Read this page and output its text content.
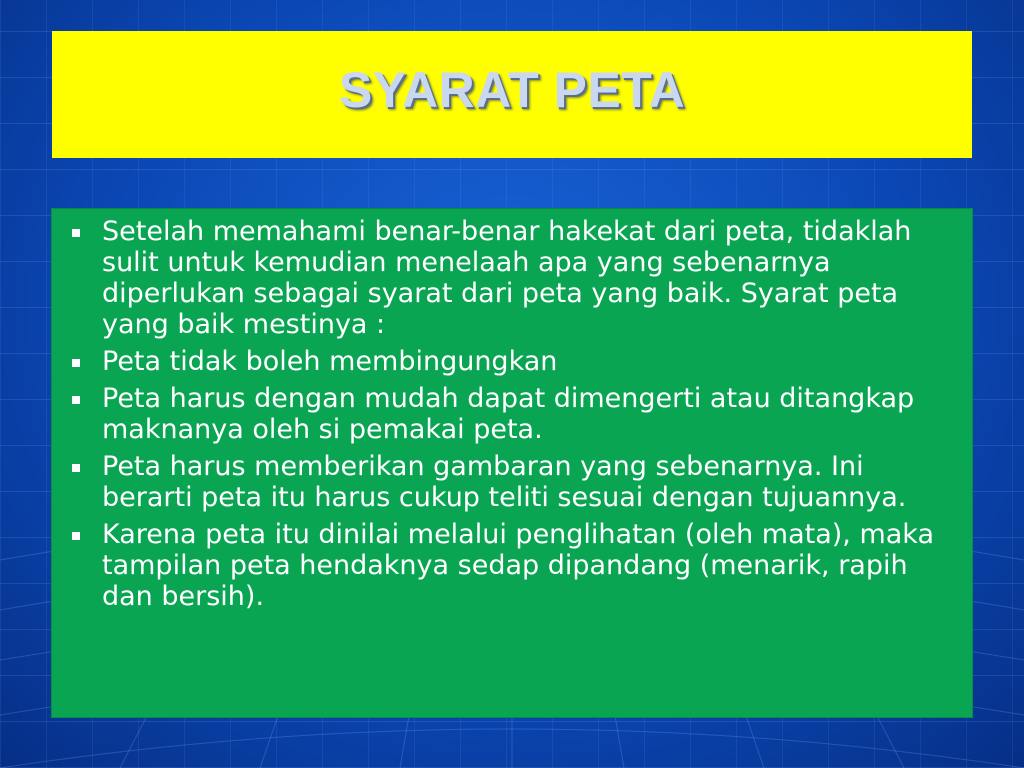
SYARAT PETA
Setelah memahami benar-benar hakekat dari peta, tidaklah sulit untuk kemudian menelaah apa yang sebenarnya diperlukan sebagai syarat dari peta yang baik. Syarat peta yang baik mestinya :
Peta tidak boleh membingungkan
Peta harus dengan mudah dapat dimengerti atau ditangkap maknanya oleh si pemakai peta.
Peta harus memberikan gambaran yang sebenarnya. Ini berarti peta itu harus cukup teliti sesuai dengan tujuannya.
Karena peta itu dinilai melalui penglihatan (oleh mata), maka tampilan peta hendaknya sedap dipandang (menarik, rapih dan bersih).
